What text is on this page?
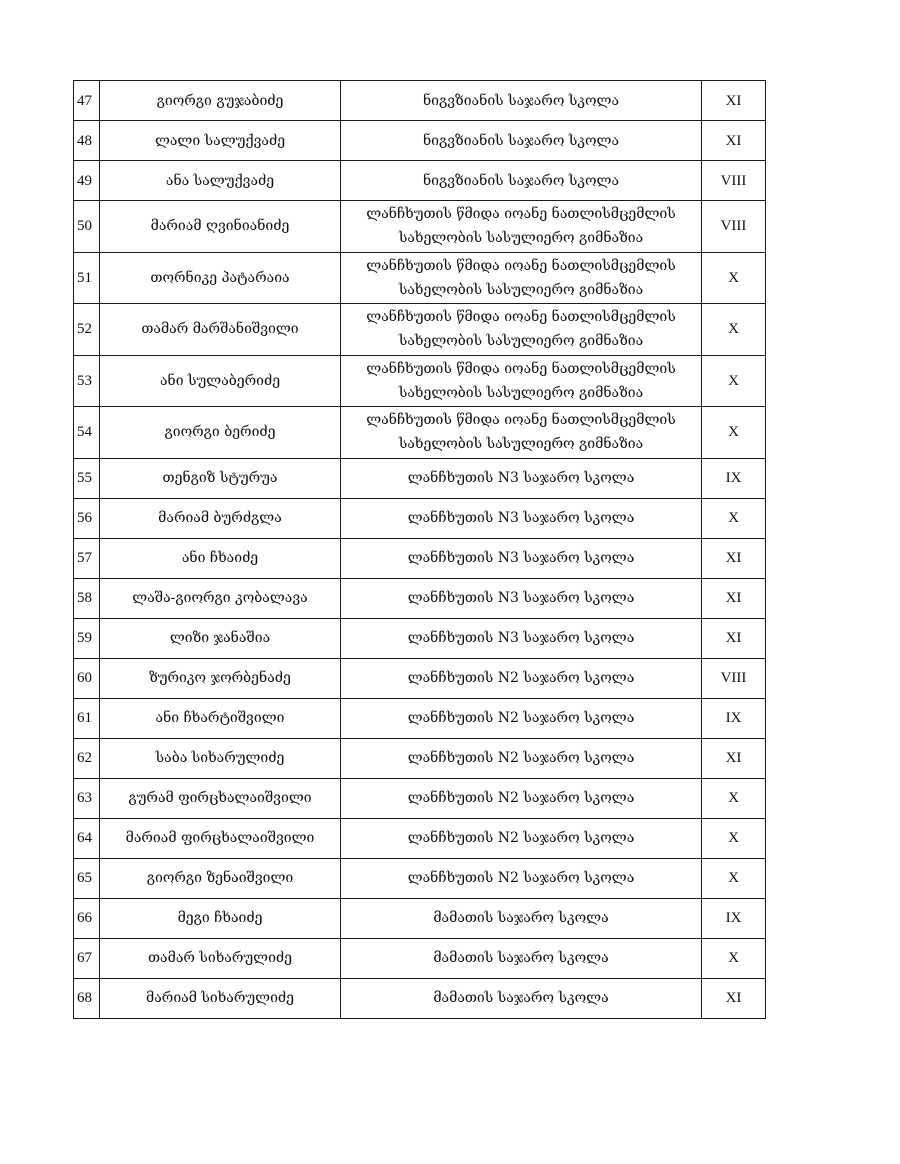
47	გიორგი გუჯაბიძე	ნიგვზიანის საჯარო სკოლა	XI
48	ლალი სალუქვაძე	ნიგვზიანის საჯარო სკოლა	XI
49	ანა სალუქვაძე	ნიგვზიანის საჯარო სკოლა	VIII
50	მარიამ ღვინიანიძე	ლანჩხუთის წმიდა იოანე ნათლისმცემლის
სახელობის სასულიერო გიმნაზია	VIII
51	თორნიკე პატარაია	ლანჩხუთის წმიდა იოანე ნათლისმცემლის
სახელობის სასულიერო გიმნაზია	X
52	თამარ მარშანიშვილი	ლანჩხუთის წმიდა იოანე ნათლისმცემლის
სახელობის სასულიერო გიმნაზია	X
53	ანი სულაბერიძე	ლანჩხუთის წმიდა იოანე ნათლისმცემლის
სახელობის სასულიერო გიმნაზია	X
54	გიორგი ბერიძე	ლანჩხუთის წმიდა იოანე ნათლისმცემლის
სახელობის სასულიერო გიმნაზია	X
55	თენგიზ სტურუა	ლანჩხუთის N3 საჯარო სკოლა	IX
56	მარიამ ბურძგლა	ლანჩხუთის N3 საჯარო სკოლა	X
57	ანი ჩხაიძე	ლანჩხუთის N3 საჯარო სკოლა	XI
58	ლაშა-გიორგი კობალავა	ლანჩხუთის N3 საჯარო სკოლა	XI
59	ლიზი ჯანაშია	ლანჩხუთის N3 საჯარო სკოლა	XI
60	ზურიკო ჯორბენაძე	ლანჩხუთის N2 საჯარო სკოლა	VIII
61	ანი ჩხარტიშვილი	ლანჩხუთის N2 საჯარო სკოლა	IX
62	საბა სიხარულიძე	ლანჩხუთის N2 საჯარო სკოლა	XI
63	გურამ ფირცხალაიშვილი	ლანჩხუთის N2 საჯარო სკოლა	X
64	მარიამ ფირცხალაიშვილი	ლანჩხუთის N2 საჯარო სკოლა	X
65	გიორგი ზენაიშვილი	ლანჩხუთის N2 საჯარო სკოლა	X
66	მეგი ჩხაიძე	მამათის საჯარო სკოლა	IX
67	თამარ სიხარულიძე	მამათის საჯარო სკოლა	X
68	მარიამ სიხარულიძე	მამათის საჯარო სკოლა	XI
